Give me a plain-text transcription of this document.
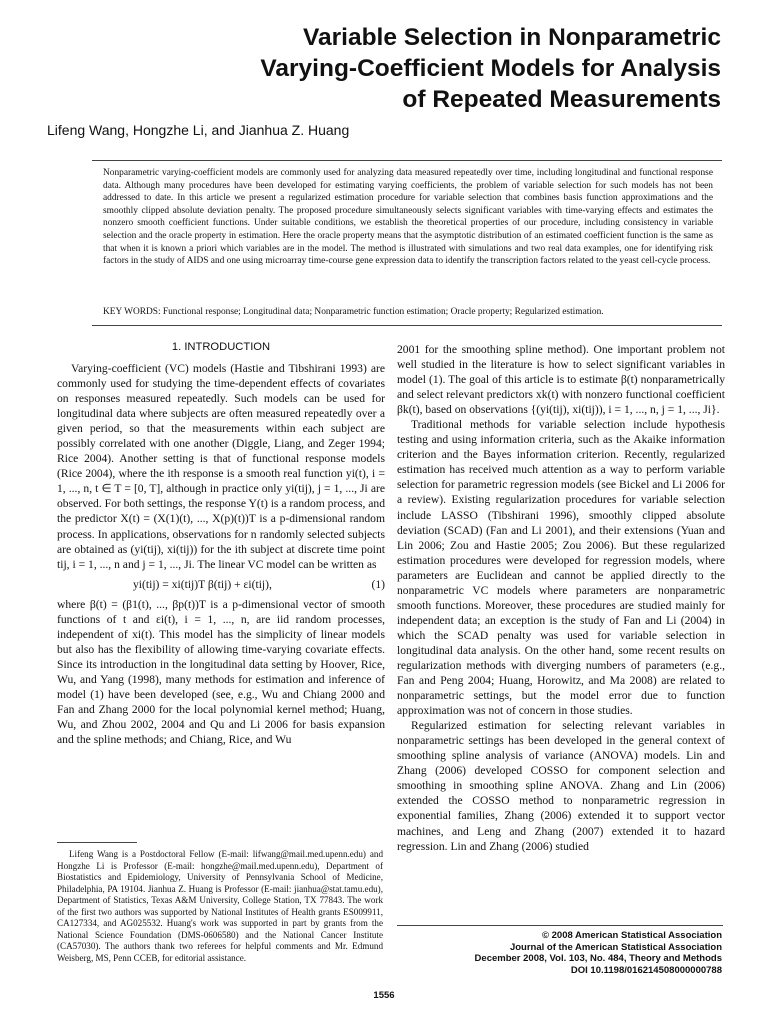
Variable Selection in Nonparametric
Varying-Coefficient Models for Analysis
of Repeated Measurements
Lifeng Wang, Hongzhe Li, and Jianhua Z. Huang

Nonparametric varying-coefficient models are commonly used for analyzing data measured repeatedly over time, including longitudinal and functional response data. Although many procedures have been developed for estimating varying coefficients, the problem of variable selection for such models has not been addressed to date. In this article we present a regularized estimation procedure for variable selection that combines basis function approximations and the smoothly clipped absolute deviation penalty. The proposed procedure simultaneously selects significant variables with time-varying effects and estimates the nonzero smooth coefficient functions. Under suitable conditions, we establish the theoretical properties of our procedure, including consistency in variable selection and the oracle property in estimation. Here the oracle property means that the asymptotic distribution of an estimated coefficient function is the same as that when it is known a priori which variables are in the model. The method is illustrated with simulations and two real data examples, one for identifying risk factors in the study of AIDS and one using microarray time-course gene expression data to identify the transcription factors related to the yeast cell-cycle process.

KEY WORDS: Functional response; Longitudinal data; Nonparametric function estimation; Oracle property; Regularized estimation.

1. INTRODUCTION

Varying-coefficient (VC) models (Hastie and Tibshirani 1993) are commonly used for studying the time-dependent effects of covariates on responses measured repeatedly. Such models can be used for longitudinal data where subjects are often measured repeatedly over a given period, so that the measurements within each subject are possibly correlated with one another (Diggle, Liang, and Zeger 1994; Rice 2004). Another setting is that of functional response models (Rice 2004), where the ith response is a smooth real function yi(t), i = 1, ..., n, t ∈ T = [0, T], although in practice only yi(tij), j = 1, ..., Ji are observed. For both settings, the response Y(t) is a random process, and the predictor X(t) = (X(1)(t), ..., X(p)(t))T is a p-dimensional random process. In applications, observations for n randomly selected subjects are obtained as (yi(tij), xi(tij)) for the ith subject at discrete time point tij, i = 1, ..., n and j = 1, ..., Ji. The linear VC model can be written as

yi(tij) = xi(tij)T β(tij) + εi(tij),	(1)

where β(t) = (β1(t), ..., βp(t))T is a p-dimensional vector of smooth functions of t and εi(t), i = 1, ..., n, are iid random processes, independent of xi(t). This model has the simplicity of linear models but also has the flexibility of allowing time-varying covariate effects. Since its introduction in the longitudinal data setting by Hoover, Rice, Wu, and Yang (1998), many methods for estimation and inference of model (1) have been developed (see, e.g., Wu and Chiang 2000 and Fan and Zhang 2000 for the local polynomial kernel method; Huang, Wu, and Zhou 2002, 2004 and Qu and Li 2006 for basis expansion and the spline methods; and Chiang, Rice, and Wu

2001 for the smoothing spline method). One important problem not well studied in the literature is how to select significant variables in model (1). The goal of this article is to estimate β(t) nonparametrically and select relevant predictors xk(t) with nonzero functional coefficient βk(t), based on observations {(yi(tij), xi(tij)), i = 1, ..., n, j = 1, ..., Ji}.

Traditional methods for variable selection include hypothesis testing and using information criteria, such as the Akaike information criterion and the Bayes information criterion. Recently, regularized estimation has received much attention as a way to perform variable selection for parametric regression models (see Bickel and Li 2006 for a review). Existing regularization procedures for variable selection include LASSO (Tibshirani 1996), smoothly clipped absolute deviation (SCAD) (Fan and Li 2001), and their extensions (Yuan and Lin 2006; Zou and Hastie 2005; Zou 2006). But these regularized estimation procedures were developed for regression models, where parameters are Euclidean and cannot be applied directly to the nonparametric VC models where parameters are nonparametric smooth functions. Moreover, these procedures are studied mainly for independent data; an exception is the study of Fan and Li (2004) in which the SCAD penalty was used for variable selection in longitudinal data analysis. On the other hand, some recent results on regularization methods with diverging numbers of parameters (e.g., Fan and Peng 2004; Huang, Horowitz, and Ma 2008) are related to nonparametric settings, but the model error due to function approximation was not of concern in those studies.

Regularized estimation for selecting relevant variables in nonparametric settings has been developed in the general context of smoothing spline analysis of variance (ANOVA) models. Lin and Zhang (2006) developed COSSO for component selection and smoothing in smoothing spline ANOVA. Zhang and Lin (2006) extended the COSSO method to nonparametric regression in exponential families, Zhang (2006) extended it to support vector machines, and Leng and Zhang (2007) extended it to hazard regression. Lin and Zhang (2006) studied

Lifeng Wang is a Postdoctoral Fellow (E-mail: lifwang@mail.med.upenn.edu) and Hongzhe Li is Professor (E-mail: hongzhe@mail.med.upenn.edu), Department of Biostatistics and Epidemiology, University of Pennsylvania School of Medicine, Philadelphia, PA 19104. Jianhua Z. Huang is Professor (E-mail: jianhua@stat.tamu.edu), Department of Statistics, Texas A&M University, College Station, TX 77843. The work of the first two authors was supported by National Institutes of Health grants ES009911, CA127334, and AG025532. Huang's work was supported in part by grants from the National Science Foundation (DMS-0606580) and the National Cancer Institute (CA57030). The authors thank two referees for helpful comments and Mr. Edmund Weisberg, MS, Penn CCEB, for editorial assistance.

© 2008 American Statistical Association
Journal of the American Statistical Association
December 2008, Vol. 103, No. 484, Theory and Methods
DOI 10.1198/016214508000000788
1556
